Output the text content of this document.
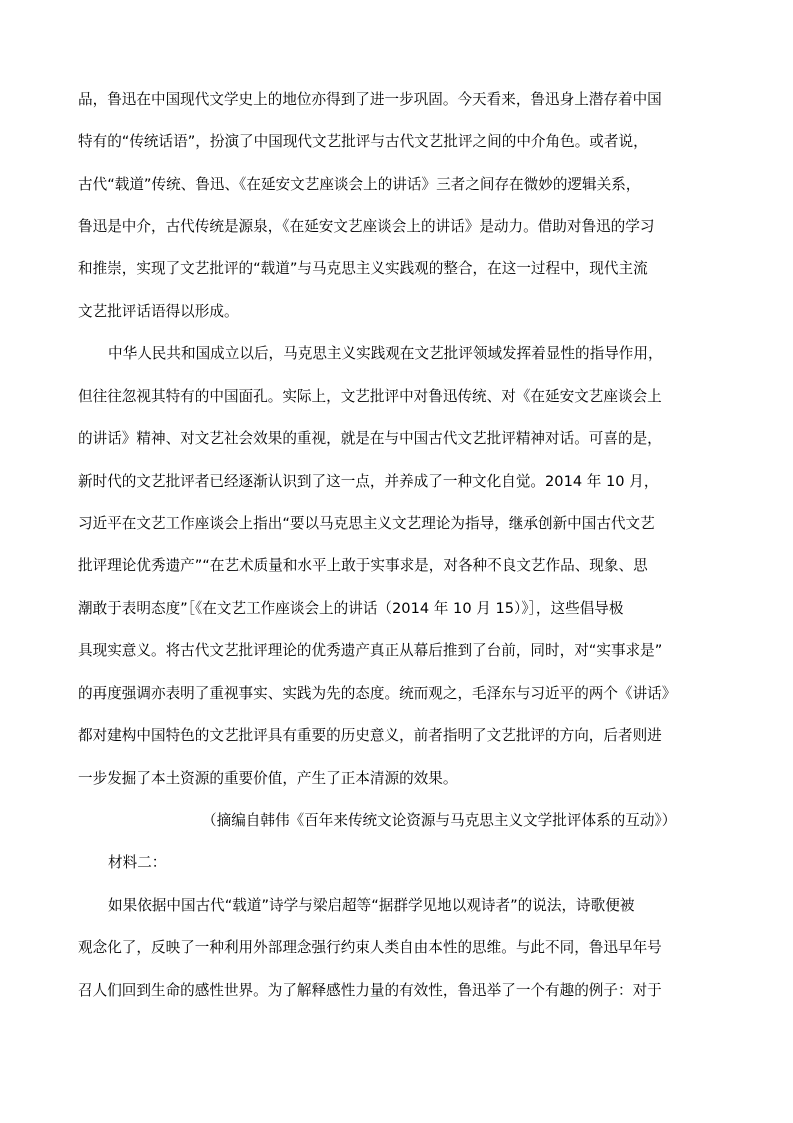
品，鲁迅在中国现代文学史上的地位亦得到了进一步巩固。今天看来，鲁迅身上潜存着中国
特有的“传统话语”，扮演了中国现代文艺批评与古代文艺批评之间的中介角色。或者说，
古代“载道”传统、鲁迅、《在延安文艺座谈会上的讲话》三者之间存在微妙的逻辑关系，
鲁迅是中介，古代传统是源泉，《在延安文艺座谈会上的讲话》是动力。借助对鲁迅的学习
和推崇，实现了文艺批评的“载道”与马克思主义实践观的整合，在这一过程中，现代主流
文艺批评话语得以形成。
中华人民共和国成立以后，马克思主义实践观在文艺批评领域发挥着显性的指导作用，
但往往忽视其特有的中国面孔。实际上，文艺批评中对鲁迅传统、对《在延安文艺座谈会上
的讲话》精神、对文艺社会效果的重视，就是在与中国古代文艺批评精神对话。可喜的是，
新时代的文艺批评者已经逐渐认识到了这一点，并养成了一种文化自觉。2014 年 10 月，
习近平在文艺工作座谈会上指出“要以马克思主义文艺理论为指导，继承创新中国古代文艺
批评理论优秀遗产”“在艺术质量和水平上敢于实事求是，对各种不良文艺作品、现象、思
潮敢于表明态度”［《在文艺工作座谈会上的讲话（2014 年 10 月 15）》］，这些倡导极
具现实意义。将古代文艺批评理论的优秀遗产真正从幕后推到了台前，同时，对“实事求是”
的再度强调亦表明了重视事实、实践为先的态度。统而观之，毛泽东与习近平的两个《讲话》
都对建构中国特色的文艺批评具有重要的历史意义，前者指明了文艺批评的方向，后者则进
一步发掘了本土资源的重要价值，产生了正本清源的效果。
（摘编自韩伟《百年来传统文论资源与马克思主义文学批评体系的互动》）
材料二：
如果依据中国古代“载道”诗学与梁启超等“据群学见地以观诗者”的说法，诗歌便被
观念化了，反映了一种利用外部理念强行约束人类自由本性的思维。与此不同，鲁迅早年号
召人们回到生命的感性世界。为了解释感性力量的有效性，鲁迅举了一个有趣的例子：对于
